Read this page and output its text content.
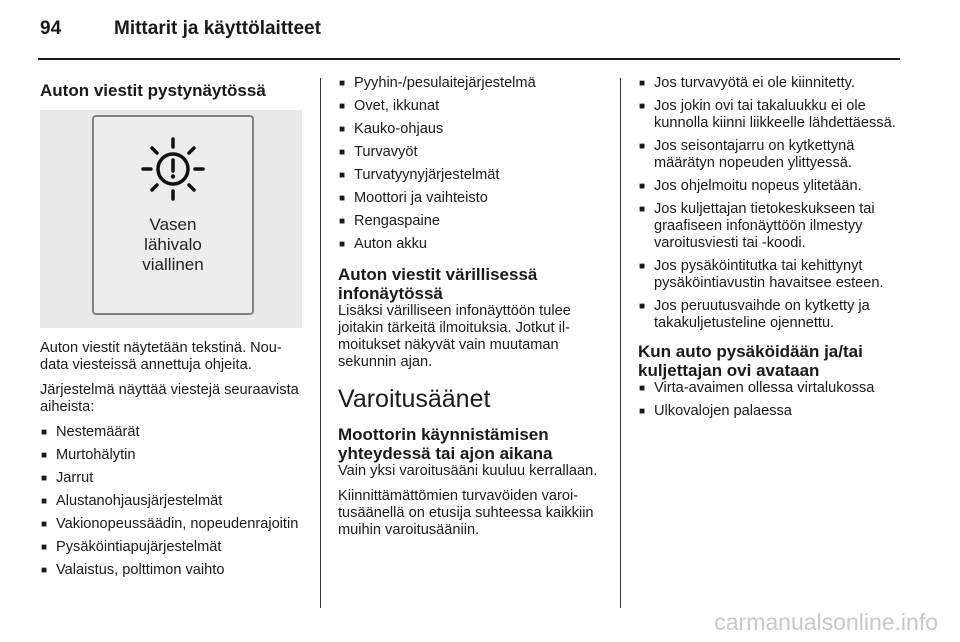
94	Mittarit ja käyttölaitteet
Auton viestit pystynäytössä
Vasen
lähivalo
viallinen

Auton viestit näytetään tekstinä. Noudata viesteissä annettuja ohjeita.

Järjestelmä näyttää viestejä seuraavista aiheista:

■ Nestemäärät
■ Murtohälytin
■ Jarrut
■ Alustanohjausjärjestelmät
■ Vakionopeussäädin, nopeudenrajoitin
■ Pysäköintiapujärjestelmät
■ Valaistus, polttimon vaihto
■ Pyyhin-/pesulaitejärjestelmä
■ Ovet, ikkunat
■ Kauko-ohjaus
■ Turvavyöt
■ Turvatyynyjärjestelmät
■ Moottori ja vaihteisto
■ Rengaspaine
■ Auton akku
Auton viestit värillisessä infonäytössä

Lisäksi värilliseen infonäyttöön tulee joitakin tärkeitä ilmoituksia. Jotkut ilmoitukset näkyvät vain muutaman sekunnin ajan.

Varoitusäänet
Moottorin käynnistämisen yhteydessä tai ajon aikana

Vain yksi varoitusääni kuuluu kerrallaan.

Kiinnittämättömien turvavöiden varoitusäänellä on etusija suhteessa kaikkiin muihin varoitusääniin.

■ Jos turvavyötä ei ole kiinnitetty.
■ Jos jokin ovi tai takaluukku ei ole kunnolla kiinni liikkeelle lähdettäessä.
■ Jos seisontajarru on kytkettynä määrätyn nopeuden ylittyessä.
■ Jos ohjelmoitu nopeus ylitetään.
■ Jos kuljettajan tietokeskukseen tai graafiseen infonäyttöön ilmestyy varoitusviesti tai -koodi.
■ Jos pysäköintitutka tai kehittynyt pysäköintiavustin havaitsee esteen.
■ Jos peruutusvaihde on kytketty ja takakuljetusteline ojennettu.
Kun auto pysäköidään ja/tai kuljettajan ovi avataan
■ Virta-avaimen ollessa virtalukossa
■ Ulkovalojen palaessa
carmanualsonline.info
